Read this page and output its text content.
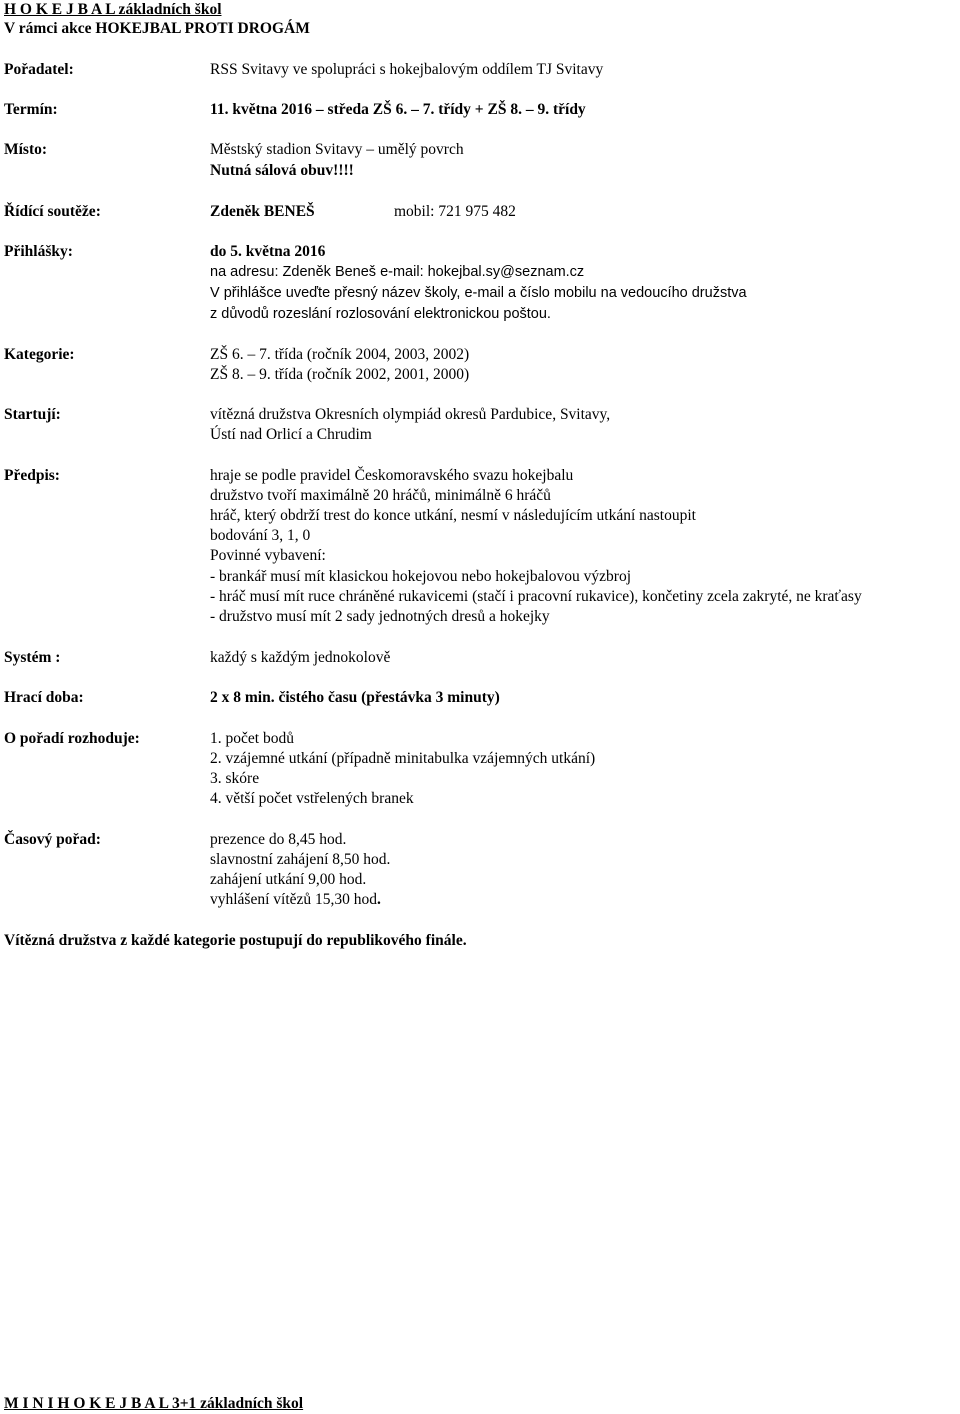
H O K E J B A L základních škol
V rámci akce HOKEJBAL PROTI DROGÁM
Pořadatel:	RSS Svitavy ve spolupráci s hokejbalovým oddílem TJ Svitavy
Termín:	11. května 2016 – středa ZŠ 6. – 7. třídy + ZŠ 8. – 9. třídy
Místo:	Městský stadion Svitavy – umělý povrch
Nutná sálová obuv!!!!
Řídící soutěže:	Zdeněk BENEŠ	mobil: 721 975 482
Přihlášky:	do 5. května 2016
na adresu: Zdeněk Beneš e-mail: hokejbal.sy@seznam.cz
V přihlášce uveďte přesný název školy, e-mail a číslo mobilu na vedoucího družstva
z důvodů rozeslání rozlosování elektronickou poštou.
Kategorie:	ZŠ 6. – 7. třída (ročník 2004, 2003, 2002)
ZŠ 8. – 9. třída (ročník 2002, 2001, 2000)
Startují:	vítězná družstva Okresních olympiád okresů Pardubice, Svitavy,
Ústí nad Orlicí a Chrudim
Předpis:	hraje se podle pravidel Českomoravského svazu hokejbalu
družstvo tvoří maximálně 20 hráčů, minimálně 6 hráčů
hráč, který obdrží trest do konce utkání, nesmí v následujícím utkání nastoupit
bodování 3, 1, 0
Povinné vybavení:
- brankář musí mít klasickou hokejovou nebo hokejbalovou výzbroj
- hráč musí mít ruce chráněné rukavicemi (stačí i pracovní rukavice), končetiny zcela zakryté, ne kraťasy
- družstvo musí mít 2 sady jednotných dresů a hokejky
Systém :	každý s každým jednokolově
Hrací doba:	2 x 8 min. čistého času (přestávka 3 minuty)
O pořadí rozhoduje:	1. počet bodů
2. vzájemné utkání (případně minitabulka vzájemných utkání)
3. skóre
4. větší počet vstřelených branek
Časový pořad:	prezence do 8,45 hod.
slavnostní zahájení 8,50 hod.
zahájení utkání 9,00 hod.
vyhlášení vítězů 15,30 hod.
Vítězná družstva z každé kategorie postupují do republikového finále.
M I N I H O K E J B A L 3+1 základních škol
